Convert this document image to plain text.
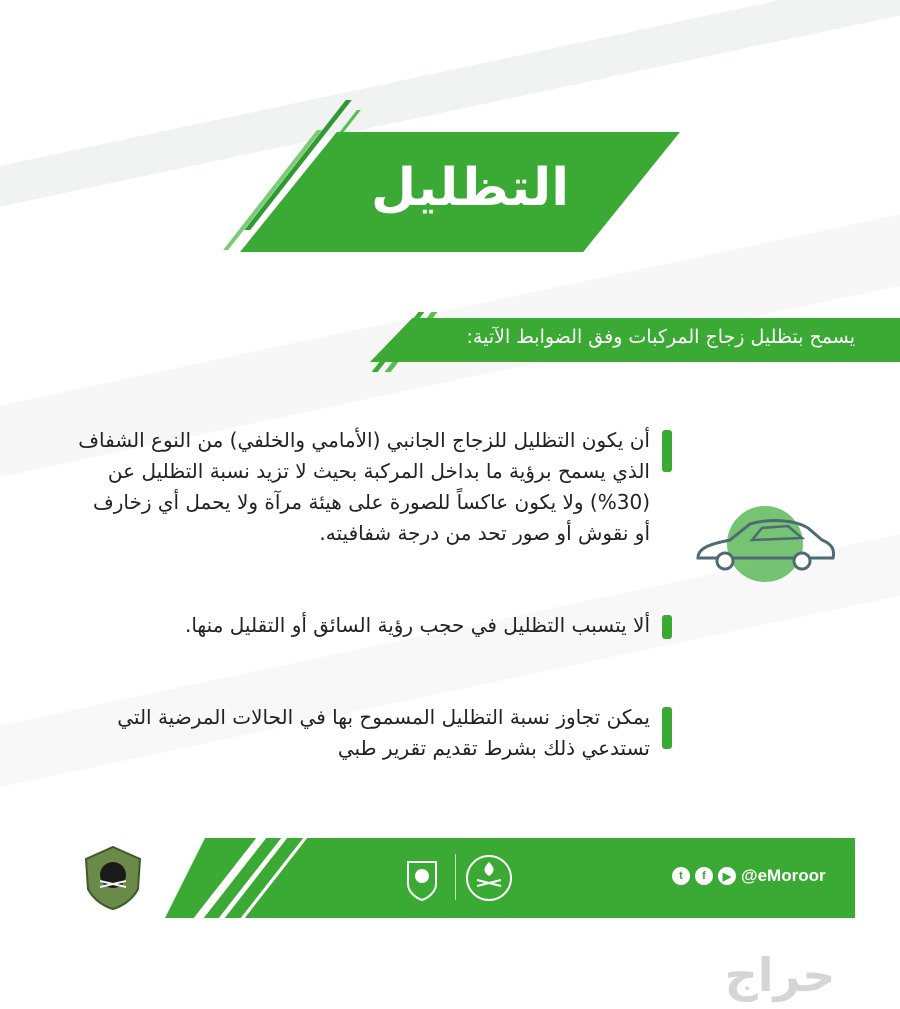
التظليل
يسمح بتظليل زجاج المركبات وفق الضوابط الآتية:
أن يكون التظليل للزجاج الجانبي (الأمامي والخلفي) من النوع الشفاف الذي يسمح برؤية ما بداخل المركبة بحيث لا تزيد نسبة التظليل عن (30%) ولا يكون عاكساً للصورة على هيئة مرآة ولا يحمل أي زخارف أو نقوش أو صور تحد من درجة شفافيته.
ألا يتسبب التظليل في حجب رؤية السائق أو التقليل منها.
يمكن تجاوز نسبة التظليل المسموح بها في الحالات المرضية التي تستدعي ذلك بشرط تقديم تقرير طبي
t	f	▶ @eMoroor
حراج
